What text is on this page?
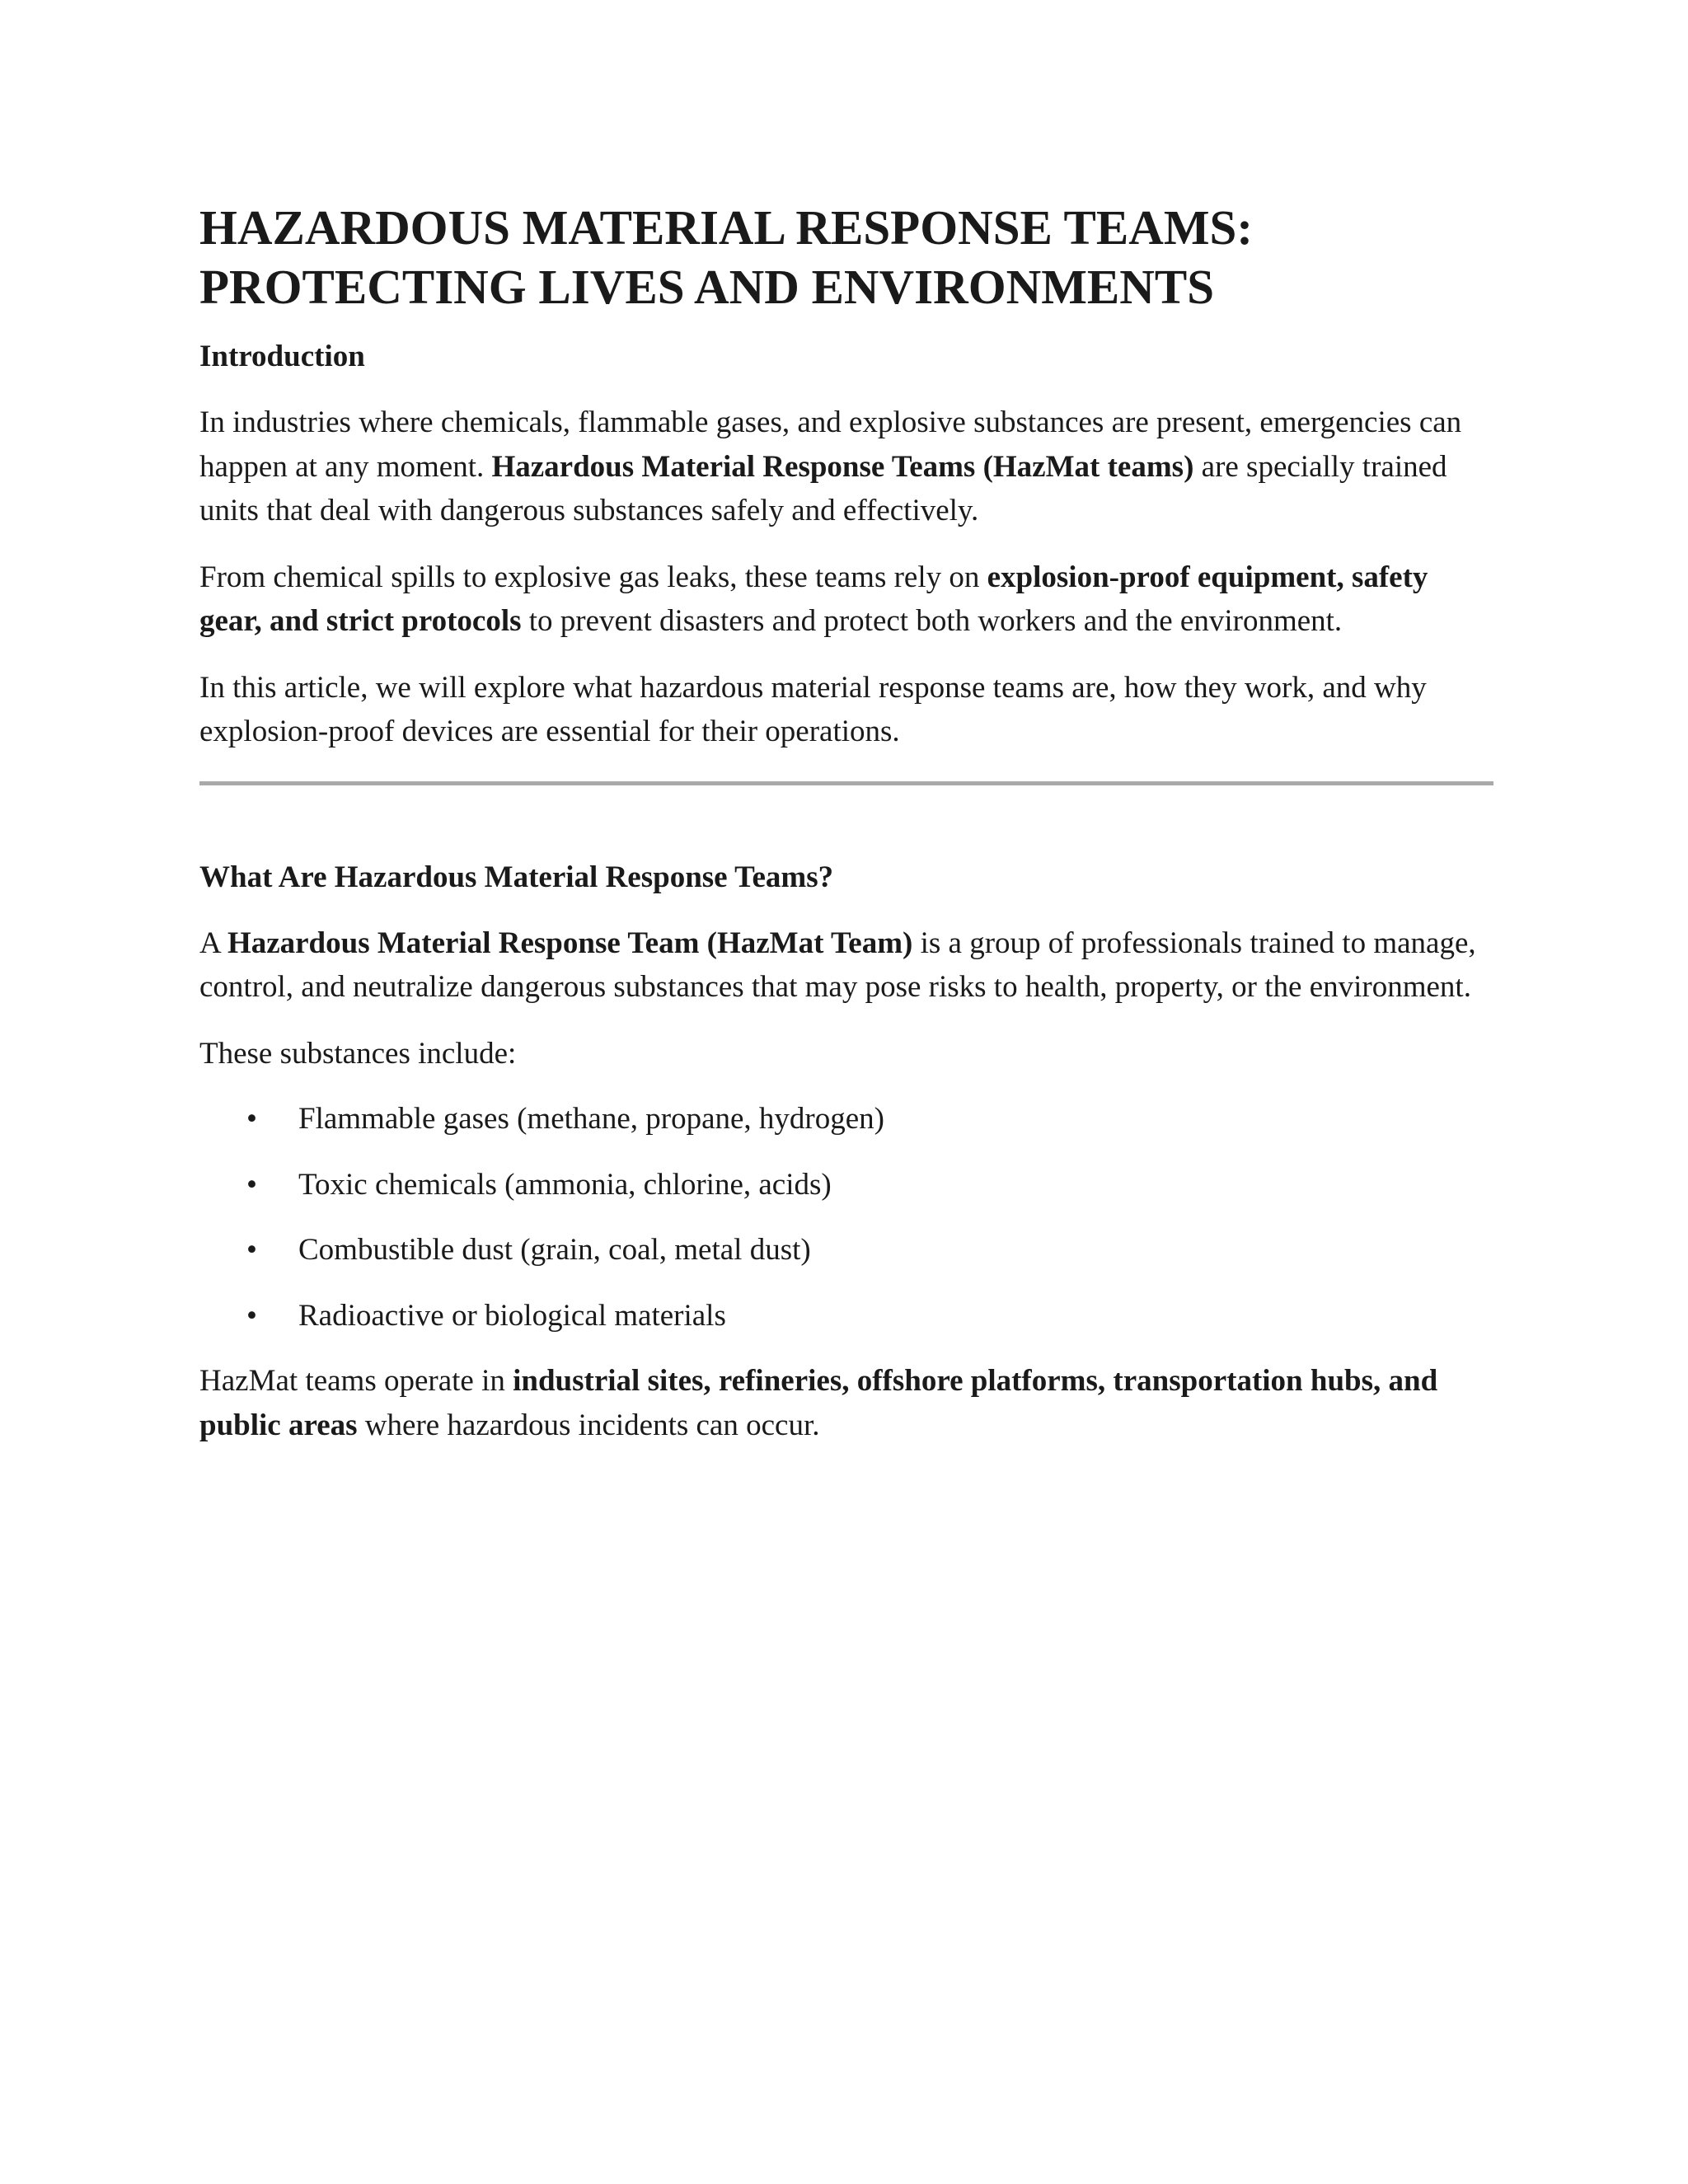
HAZARDOUS MATERIAL RESPONSE TEAMS:
PROTECTING LIVES AND ENVIRONMENTS
Introduction

In industries where chemicals, flammable gases, and explosive substances are present, emergencies can happen at any moment. Hazardous Material Response Teams (HazMat teams) are specially trained units that deal with dangerous substances safely and effectively.

From chemical spills to explosive gas leaks, these teams rely on explosion-proof equipment, safety gear, and strict protocols to prevent disasters and protect both workers and the environment.

In this article, we will explore what hazardous material response teams are, how they work, and why explosion-proof devices are essential for their operations.

What Are Hazardous Material Response Teams?

A Hazardous Material Response Team (HazMat Team) is a group of professionals trained to manage, control, and neutralize dangerous substances that may pose risks to health, property, or the environment.

These substances include:

• Flammable gases (methane, propane, hydrogen)
• Toxic chemicals (ammonia, chlorine, acids)
• Combustible dust (grain, coal, metal dust)
• Radioactive or biological materials

HazMat teams operate in industrial sites, refineries, offshore platforms, transportation hubs, and public areas where hazardous incidents can occur.
